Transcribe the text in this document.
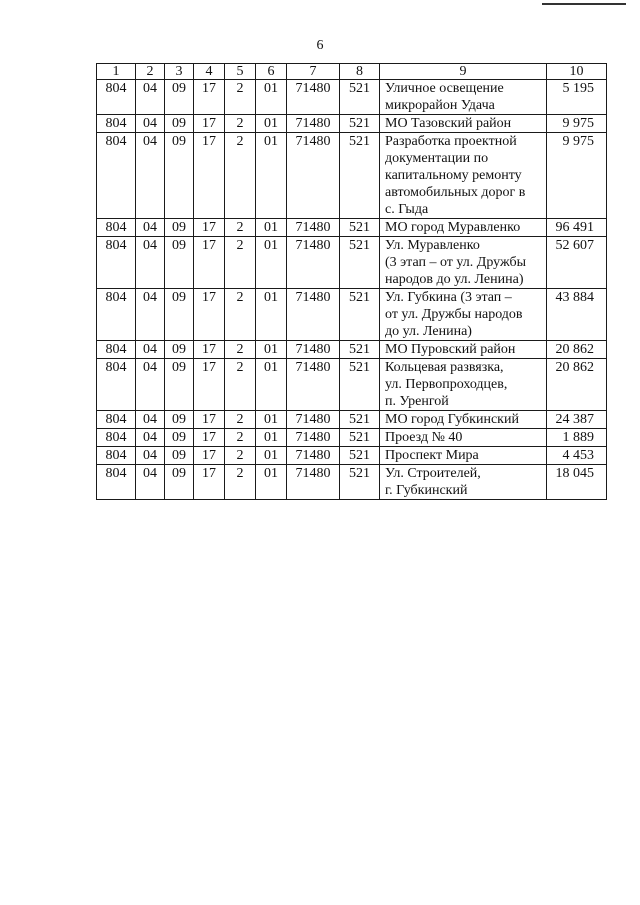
6
1	2	3	4	5	6	7	8	9	10
804	04	09	17	2	01	71480	521	Уличное освещение
микрорайон Удача	5 195
804	04	09	17	2	01	71480	521	МО Тазовский район	9 975
804	04	09	17	2	01	71480	521	Разработка проектной
документации по
капитальному ремонту
автомобильных дорог в
с. Гыда	9 975
804	04	09	17	2	01	71480	521	МО город Муравленко	96 491
804	04	09	17	2	01	71480	521	Ул. Муравленко
(3 этап – от ул. Дружбы
народов до ул. Ленина)	52 607
804	04	09	17	2	01	71480	521	Ул. Губкина (3 этап –
от ул. Дружбы народов
до ул. Ленина)	43 884
804	04	09	17	2	01	71480	521	МО Пуровский район	20 862
804	04	09	17	2	01	71480	521	Кольцевая развязка,
ул. Первопроходцев,
п. Уренгой	20 862
804	04	09	17	2	01	71480	521	МО город Губкинский	24 387
804	04	09	17	2	01	71480	521	Проезд № 40	1 889
804	04	09	17	2	01	71480	521	Проспект Мира	4 453
804	04	09	17	2	01	71480	521	Ул. Строителей,
г. Губкинский	18 045
